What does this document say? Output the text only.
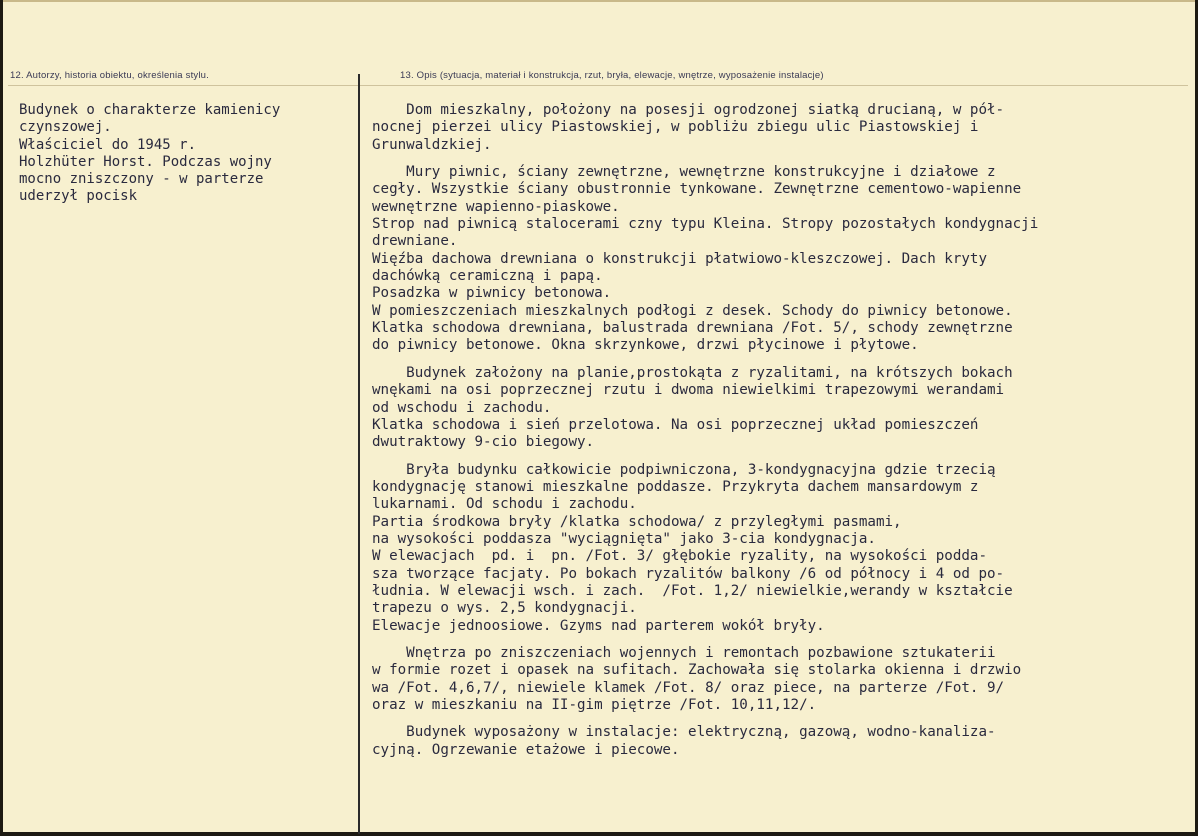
12. Autorzy, historia obiektu, określenia stylu.	13. Opis (sytuacja, materiał i konstrukcja, rzut, bryła, elewacje, wnętrze, wyposażenie instalacje)
Budynek o charakterze kamienicy
czynszowej.
Właściciel do 1945 r.
Holzhüter Horst. Podczas wojny
mocno zniszczony - w parterze
uderzył pocisk
Dom mieszkalny, położony na posesji ogrodzonej siatką drucianą, w pół-
nocnej pierzei ulicy Piastowskiej, w pobliżu zbiegu ulic Piastowskiej i
Grunwaldzkiej.
Mury piwnic, ściany zewnętrzne, wewnętrzne konstrukcyjne i działowe z
cegły. Wszystkie ściany obustronnie tynkowane. Zewnętrzne cementowo-wapienne
wewnętrzne wapienno-piaskowe.
Strop nad piwnicą stalocerami czny typu Kleina. Stropy pozostałych kondygnacji
drewniane.
Więźba dachowa drewniana o konstrukcji płatwiowo-kleszczowej. Dach kryty
dachówką ceramiczną i papą.
Posadzka w piwnicy betonowa.
W pomieszczeniach mieszkalnych podłogi z desek. Schody do piwnicy betonowe.
Klatka schodowa drewniana, balustrada drewniana /Fot. 5/, schody zewnętrzne
do piwnicy betonowe. Okna skrzynkowe, drzwi płycinowe i płytowe.
Budynek założony na planie,prostokąta z ryzalitami, na krótszych bokach
wnękami na osi poprzecznej rzutu i dwoma niewielkimi trapezowymi werandami
od wschodu i zachodu.
Klatka schodowa i sień przelotowa. Na osi poprzecznej układ pomieszczeń
dwutraktowy 9-cio biegowy.
Bryła budynku całkowicie podpiwniczona, 3-kondygnacyjna gdzie trzecią
kondygnację stanowi mieszkalne poddasze. Przykryta dachem mansardowym z
lukarnami. Od schodu i zachodu.
Partia środkowa bryły /klatka schodowa/ z przyległymi pasmami,
na wysokości poddasza "wyciągnięta" jako 3-cia kondygnacja.
W elewacjach  pd. i  pn. /Fot. 3/ głębokie ryzality, na wysokości podda-
sza tworzące facjaty. Po bokach ryzalitów balkony /6 od północy i 4 od po-
łudnia. W elewacji wsch. i zach.  /Fot. 1,2/ niewielkie,werandy w kształcie
trapezu o wys. 2,5 kondygnacji.
Elewacje jednoosiowe. Gzyms nad parterem wokół bryły.
Wnętrza po zniszczeniach wojennych i remontach pozbawione sztukaterii
w formie rozet i opasek na sufitach. Zachowała się stolarka okienna i drzwio
wa /Fot. 4,6,7/, niewiele klamek /Fot. 8/ oraz piece, na parterze /Fot. 9/
oraz w mieszkaniu na II-gim piętrze /Fot. 10,11,12/.
Budynek wyposażony w instalacje: elektryczną, gazową, wodno-kanaliza-
cyjną. Ogrzewanie etażowe i piecowe.
